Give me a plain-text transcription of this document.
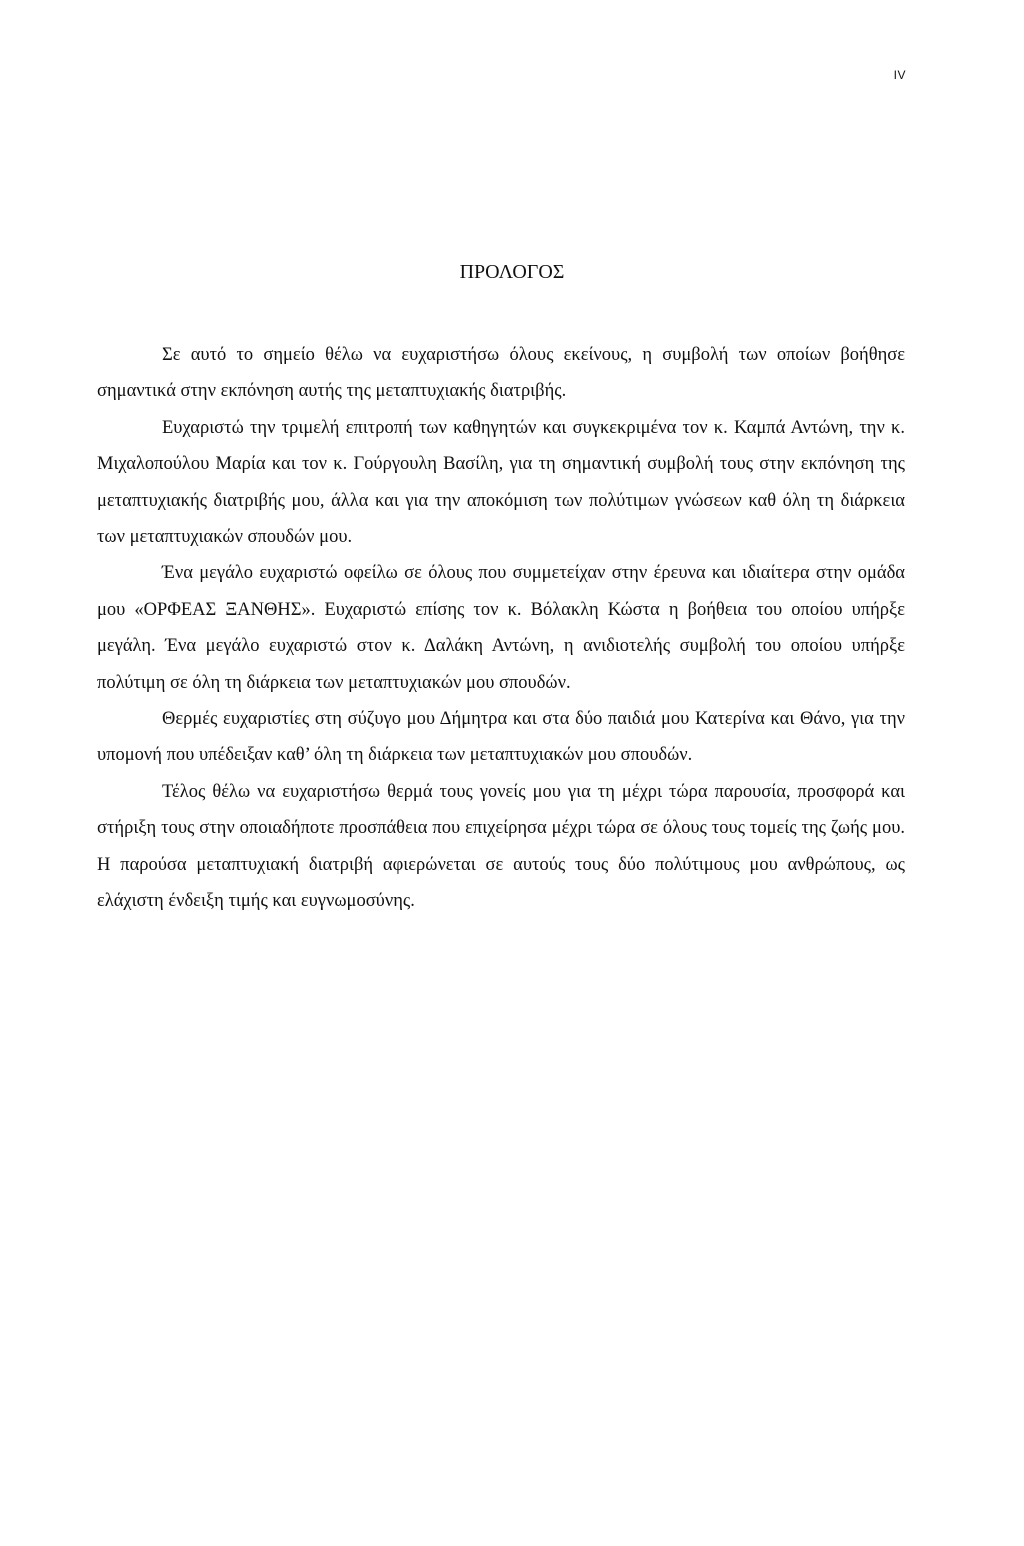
IV
ΠΡΟΛΟΓΟΣ

Σε αυτό το σημείο θέλω να ευχαριστήσω όλους εκείνους, η συμβολή των οποίων βοήθησε σημαντικά στην εκπόνηση αυτής της μεταπτυχιακής διατριβής.

Ευχαριστώ την τριμελή επιτροπή των καθηγητών και συγκεκριμένα τον κ. Καμπά Αντώνη, την κ. Μιχαλοπούλου Μαρία και τον κ. Γούργουλη Βασίλη, για τη σημαντική συμβολή τους στην εκπόνηση της μεταπτυχιακής διατριβής μου, άλλα και για την αποκόμιση των πολύτιμων γνώσεων καθ όλη τη διάρκεια των μεταπτυχιακών σπουδών μου.

Ένα μεγάλο ευχαριστώ οφείλω σε όλους που συμμετείχαν στην έρευνα και ιδιαίτερα στην ομάδα μου «ΟΡΦΕΑΣ ΞΑΝΘΗΣ». Ευχαριστώ επίσης τον κ. Βόλακλη Κώστα η βοήθεια του οποίου υπήρξε μεγάλη. Ένα μεγάλο ευχαριστώ στον κ. Δαλάκη Αντώνη, η ανιδιοτελής συμβολή του οποίου υπήρξε πολύτιμη σε όλη τη διάρκεια των μεταπτυχιακών μου σπουδών.

Θερμές ευχαριστίες στη σύζυγο μου Δήμητρα και στα δύο παιδιά μου Κατερίνα και Θάνο, για την υπομονή που υπέδειξαν καθ’ όλη τη διάρκεια των μεταπτυχιακών μου σπουδών.

Τέλος θέλω να ευχαριστήσω θερμά τους γονείς μου για τη μέχρι τώρα παρουσία, προσφορά και στήριξη τους στην οποιαδήποτε προσπάθεια που επιχείρησα μέχρι τώρα σε όλους τους τομείς της ζωής μου. Η παρούσα μεταπτυχιακή διατριβή αφιερώνεται σε αυτούς τους δύο πολύτιμους μου ανθρώπους, ως ελάχιστη ένδειξη τιμής και ευγνωμοσύνης.
